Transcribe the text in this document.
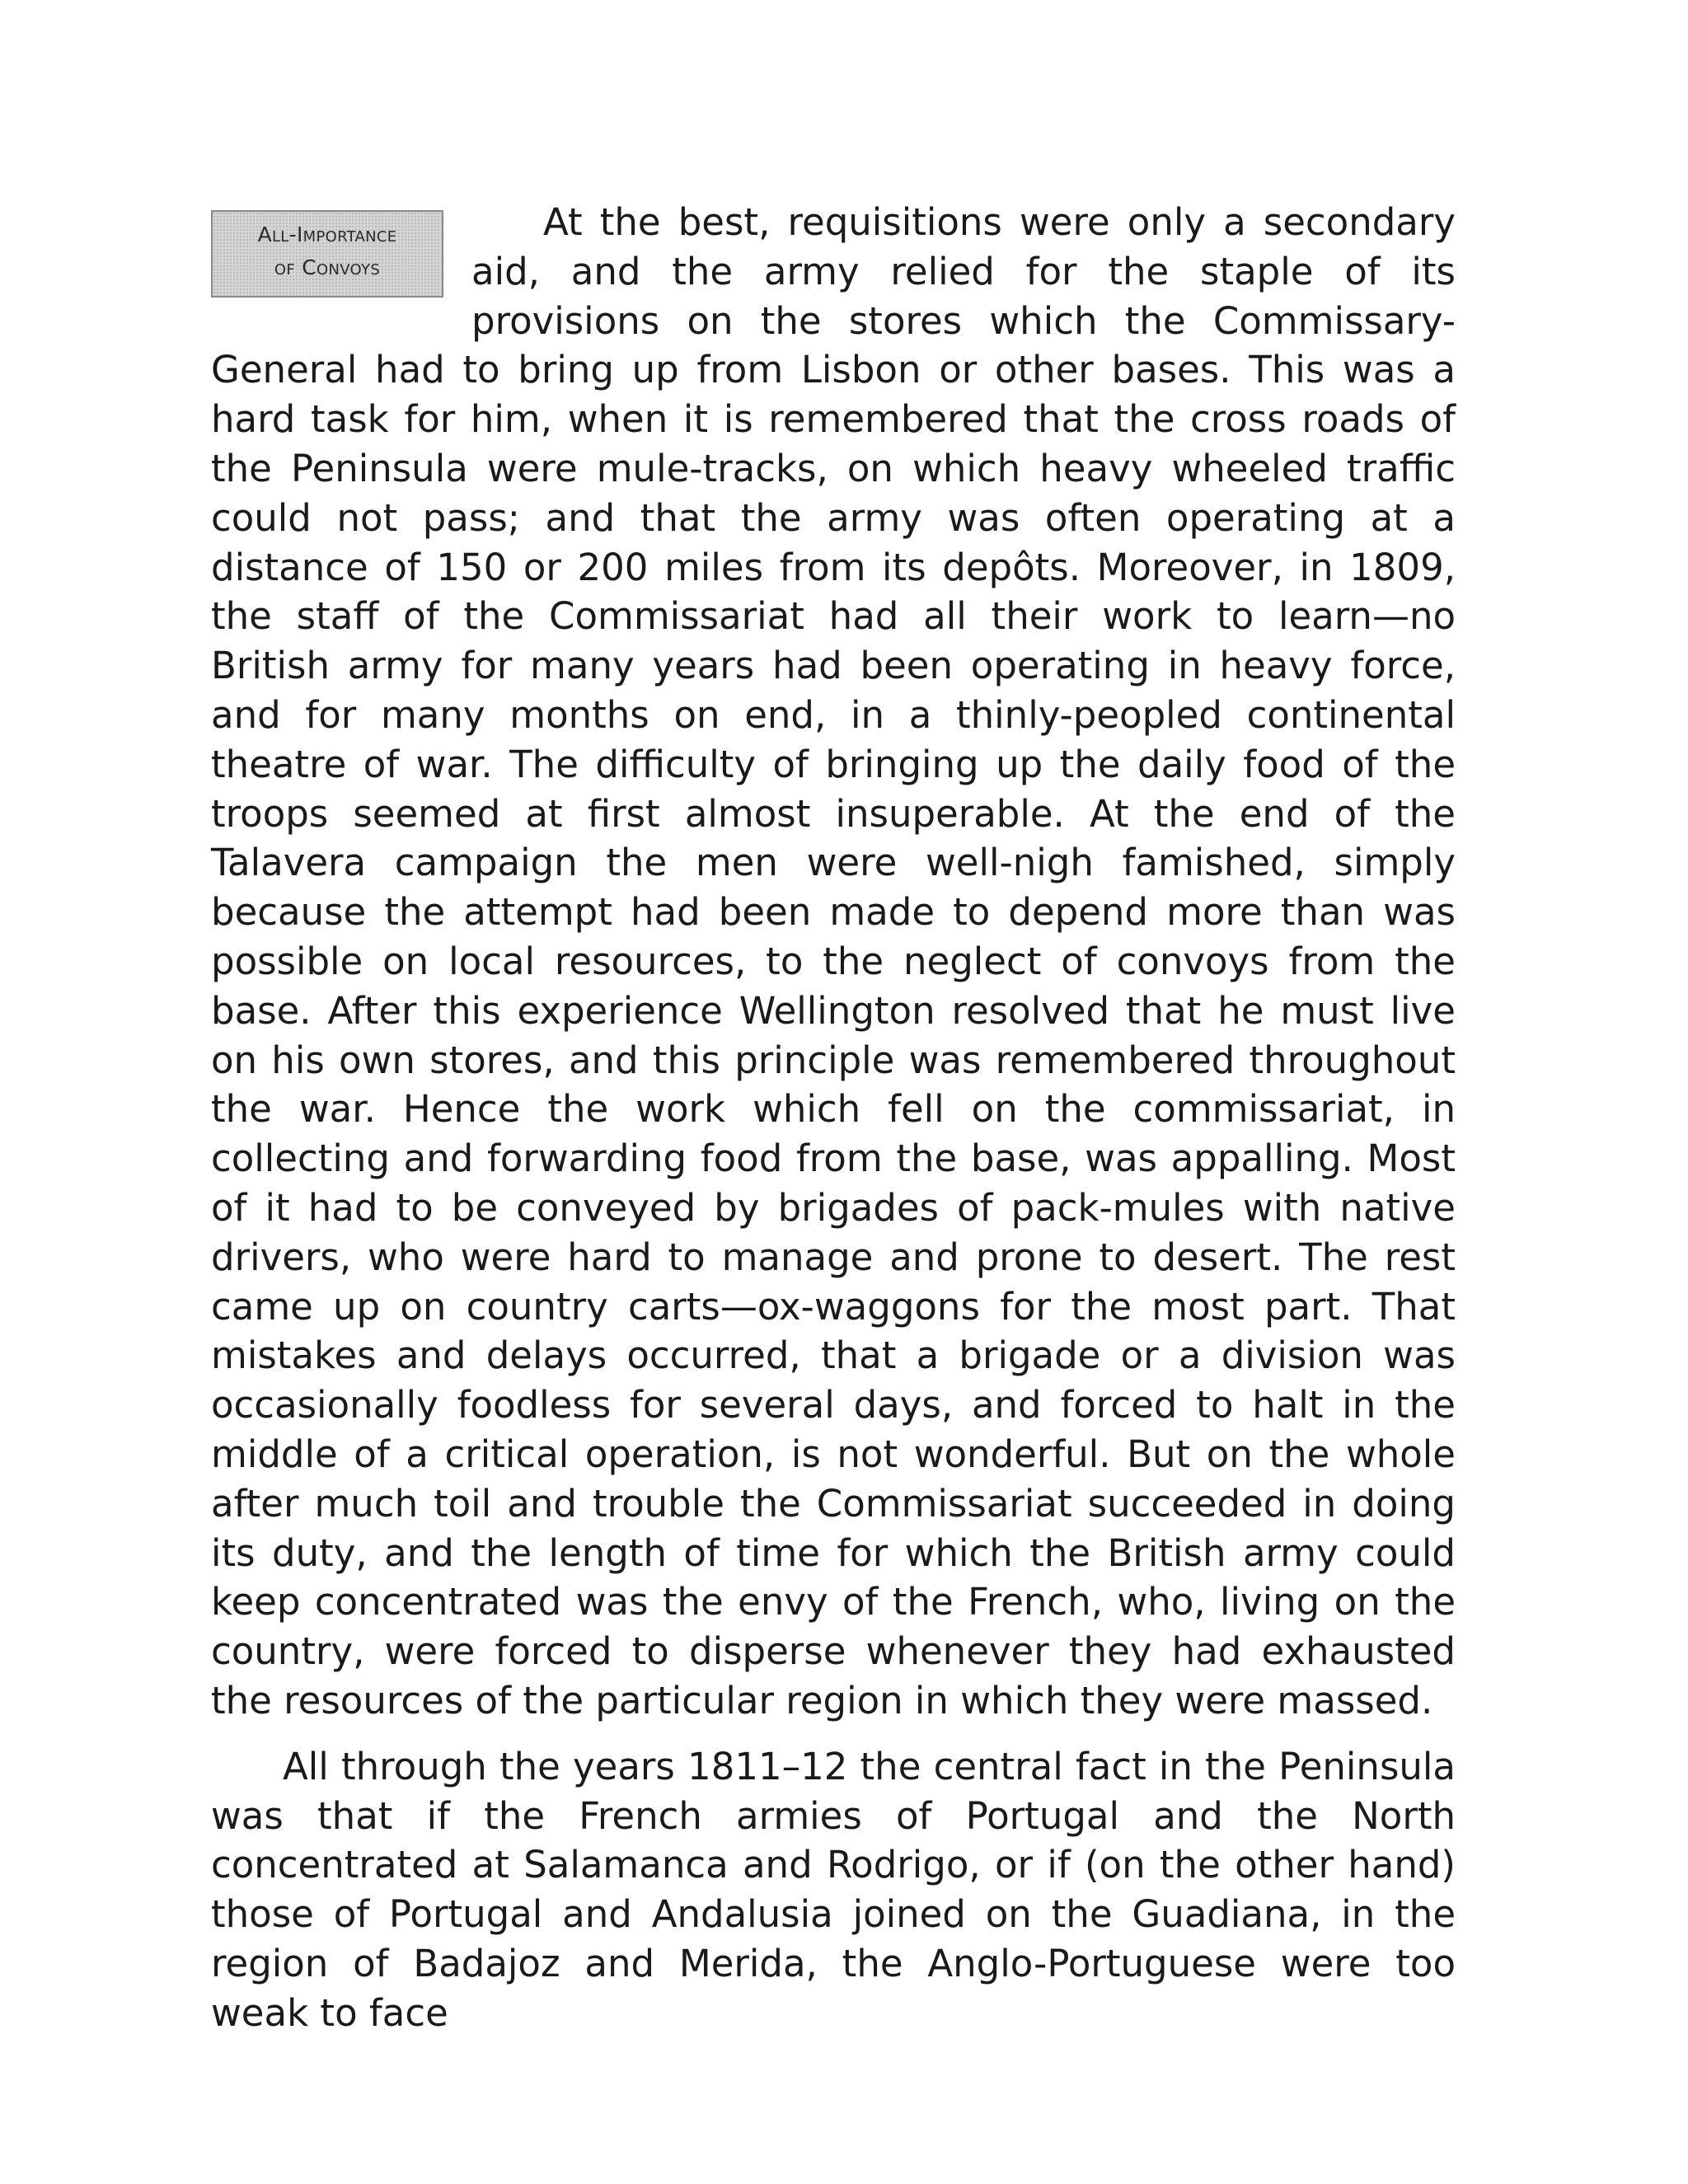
All-Importance
of Convoys

At the best, requisitions were only a secondary aid, and the army relied for the staple of its provisions on the stores which the Commissary-General had to bring up from Lisbon or other bases. This was a hard task for him, when it is remembered that the cross roads of the Peninsula were mule-tracks, on which heavy wheeled traffic could not pass; and that the army was often operating at a distance of 150 or 200 miles from its depôts. Moreover, in 1809, the staff of the Commissariat had all their work to learn—no British army for many years had been operating in heavy force, and for many months on end, in a thinly-peopled continental theatre of war. The difficulty of bringing up the daily food of the troops seemed at first almost insuperable. At the end of the Talavera campaign the men were well-nigh famished, simply because the attempt had been made to depend more than was possible on local resources, to the neglect of convoys from the base. After this experience Wellington resolved that he must live on his own stores, and this principle was remembered throughout the war. Hence the work which fell on the commissariat, in collecting and forwarding food from the base, was appalling. Most of it had to be conveyed by brigades of pack-mules with native drivers, who were hard to manage and prone to desert. The rest came up on country carts—ox-waggons for the most part. That mistakes and delays occurred, that a brigade or a division was occasionally foodless for several days, and forced to halt in the middle of a critical operation, is not wonderful. But on the whole after much toil and trouble the Commissariat succeeded in doing its duty, and the length of time for which the British army could keep concentrated was the envy of the French, who, living on the country, were forced to disperse whenever they had exhausted the resources of the particular region in which they were massed.

All through the years 1811–12 the central fact in the Peninsula was that if the French armies of Portugal and the North concentrated at Salamanca and Rodrigo, or if (on the other hand) those of Portugal and Andalusia joined on the Guadiana, in the region of Badajoz and Merida, the Anglo-Portuguese were too weak to face
